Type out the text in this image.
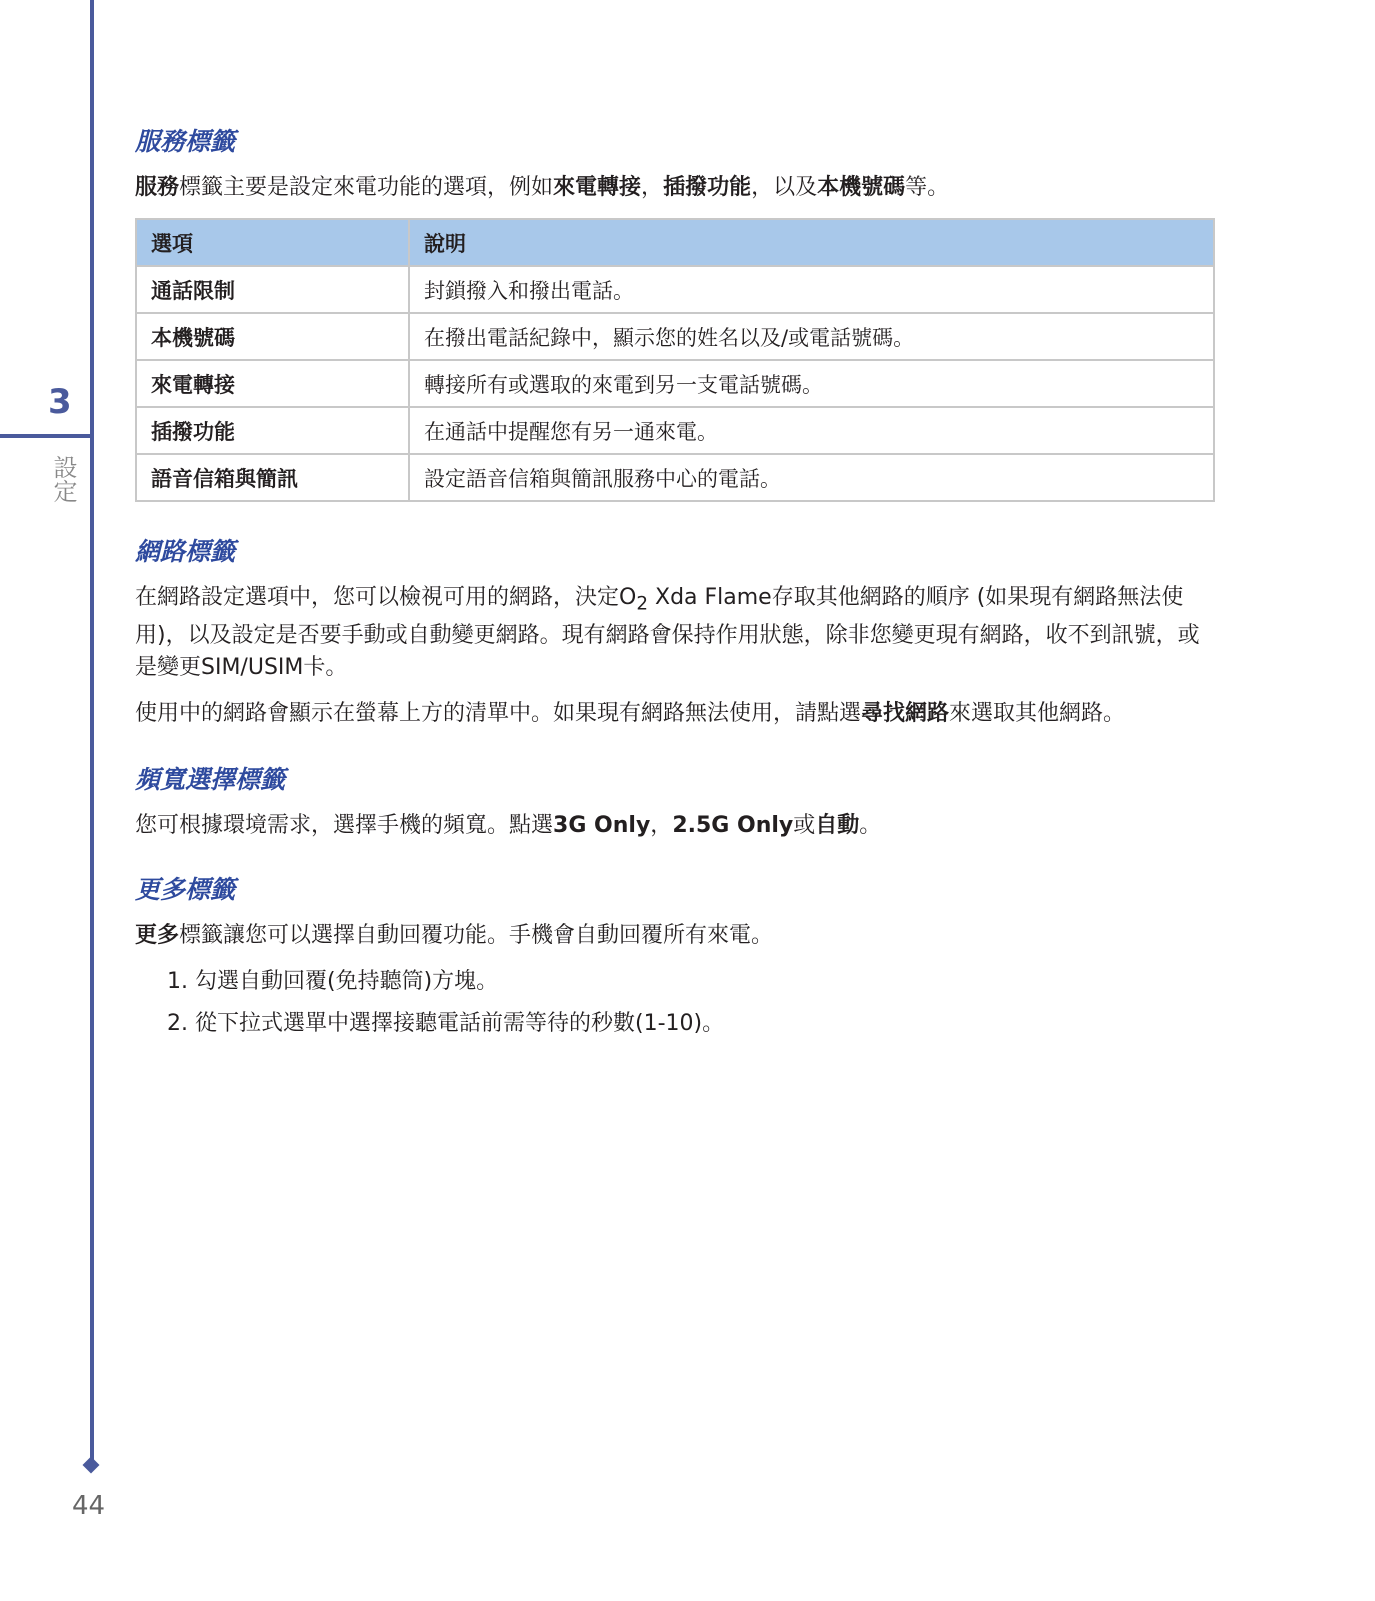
3
設定
44
服務標籤

服務標籤主要是設定來電功能的選項，例如來電轉接，插撥功能，以及本機號碼等。

選項	說明
通話限制	封鎖撥入和撥出電話。
本機號碼	在撥出電話紀錄中，顯示您的姓名以及/或電話號碼。
來電轉接	轉接所有或選取的來電到另一支電話號碼。
插撥功能	在通話中提醒您有另一通來電。
語音信箱與簡訊	設定語音信箱與簡訊服務中心的電話。
網路標籤

在網路設定選項中，您可以檢視可用的網路，決定$O_2$ Xda Flame存取其他網路的順序 (如果現有網路無法使用)，以及設定是否要手動或自動變更網路。現有網路會保持作用狀態，除非您變更現有網路，收不到訊號，或是變更SIM/USIM卡。

使用中的網路會顯示在螢幕上方的清單中。如果現有網路無法使用，請點選尋找網路來選取其他網路。

頻寬選擇標籤

您可根據環境需求，選擇手機的頻寬。點選3G Only，2.5G Only或自動。

更多標籤

更多標籤讓您可以選擇自動回覆功能。手機會自動回覆所有來電。

1. 勾選自動回覆(免持聽筒)方塊。

2. 從下拉式選單中選擇接聽電話前需等待的秒數(1-10)。
